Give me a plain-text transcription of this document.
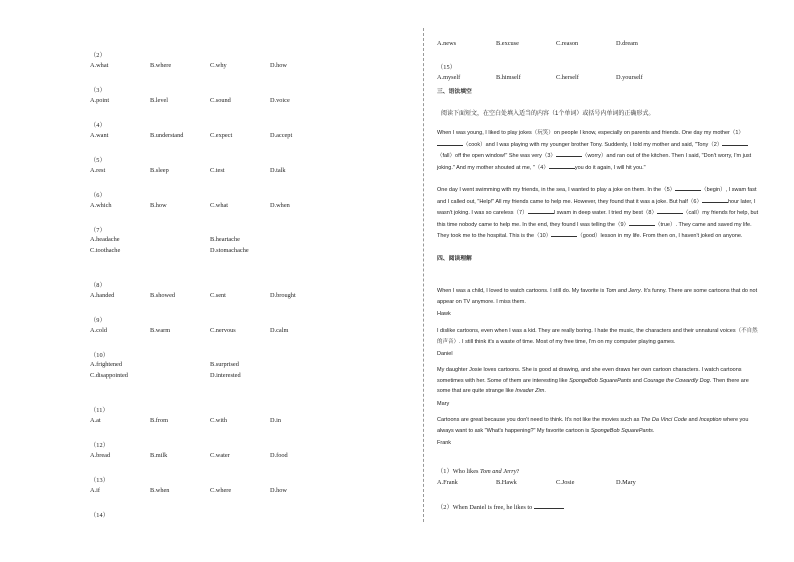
（2）
A.what	B.where	C.why	D.how
（3）
A.point	B.level	C.sound	D.voice
（4）
A.want	B.understand	C.expect	D.accept
（5）
A.rest	B.sleep	C.test	D.talk
（6）
A.which	B.how	C.what	D.when
（7）
A.headache	B.heartache
C.toothache	D.stomachache
（8）
A.handed	B.showed	C.sent	D.brought
（9）
A.cold	B.warm	C.nervous	D.calm
（10）
A.frightened	B.surprised
C.disappointed	D.interested
（11）
A.at	B.from	C.with	D.in
（12）
A.bread	B.milk	C.water	D.food
（13）
A.if	B.when	C.where	D.how
（14）
A.news	B.excuse	C.reason	D.dream
（15）
A.myself	B.himself	C.herself	D.yourself
三、语法填空
阅读下面短文，在空白处填入适当的内容（1个单词）或括号内单词的正确形式。
When I was young, I liked to play jokes（玩笑）on people I know, especially on parents and friends. One day my mother（1）（cook）and I was playing with my younger brother Tony. Suddenly, I told my mother and said, "Tony（2）（fall）off the open window!" She was very（3）	（worry）and ran out of the kitchen. Then I said, "Don't worry, I'm just joking." And my mother shouted at me, "（4）	you do it again, I will hit you."
One day I went swimming with my friends, in the sea, I wanted to play a joke on them. In the（5）	（begin）, I swam fast and I called out, "Help!" All my friends came to help me. However, they found that it was a joke. But half（6）	hour later, I wasn't joking. I was so careless（7）	I swam in deep water. I tried my best（8）	（call）my friends for help, but this time nobody came to help me. In the end, they found I was telling the（9）	（true）. They came and saved my life. They took me to the hospital. This is the（10）	（good）lesson in my life. From then on, I haven't joked on anyone.
四、阅读理解
When I was a child, I loved to watch cartoons. I still do. My favorite is Tom and Jerry. It's funny. There are some cartoons that do not appear on TV anymore. I miss them.
Hawk
I dislike cartoons, even when I was a kid. They are really boring. I hate the music, the characters and their unnatural voices（不自然的声音）. I still think it's a waste of time. Most of my free time, I'm on my computer playing games.
Daniel
My daughter Josie loves cartoons. She is good at drawing, and she even draws her own cartoon characters. I watch cartoons sometimes with her. Some of them are interesting like SpongeBob SquarePants and Courage the Cowardly Dog. Then there are some that are quite strange like Invader Zim.
Mary
Cartoons are great because you don't need to think. It's not like the movies such as The Da Vinci Code and Inception where you always want to ask "What's happening?" My favorite cartoon is SpongeBob SquarePants.
Frank
（1）Who likes Tom and Jerry?
A.Frank	B.Hawk	C.Josie	D.Mary
（2）When Daniel is free, he likes to
